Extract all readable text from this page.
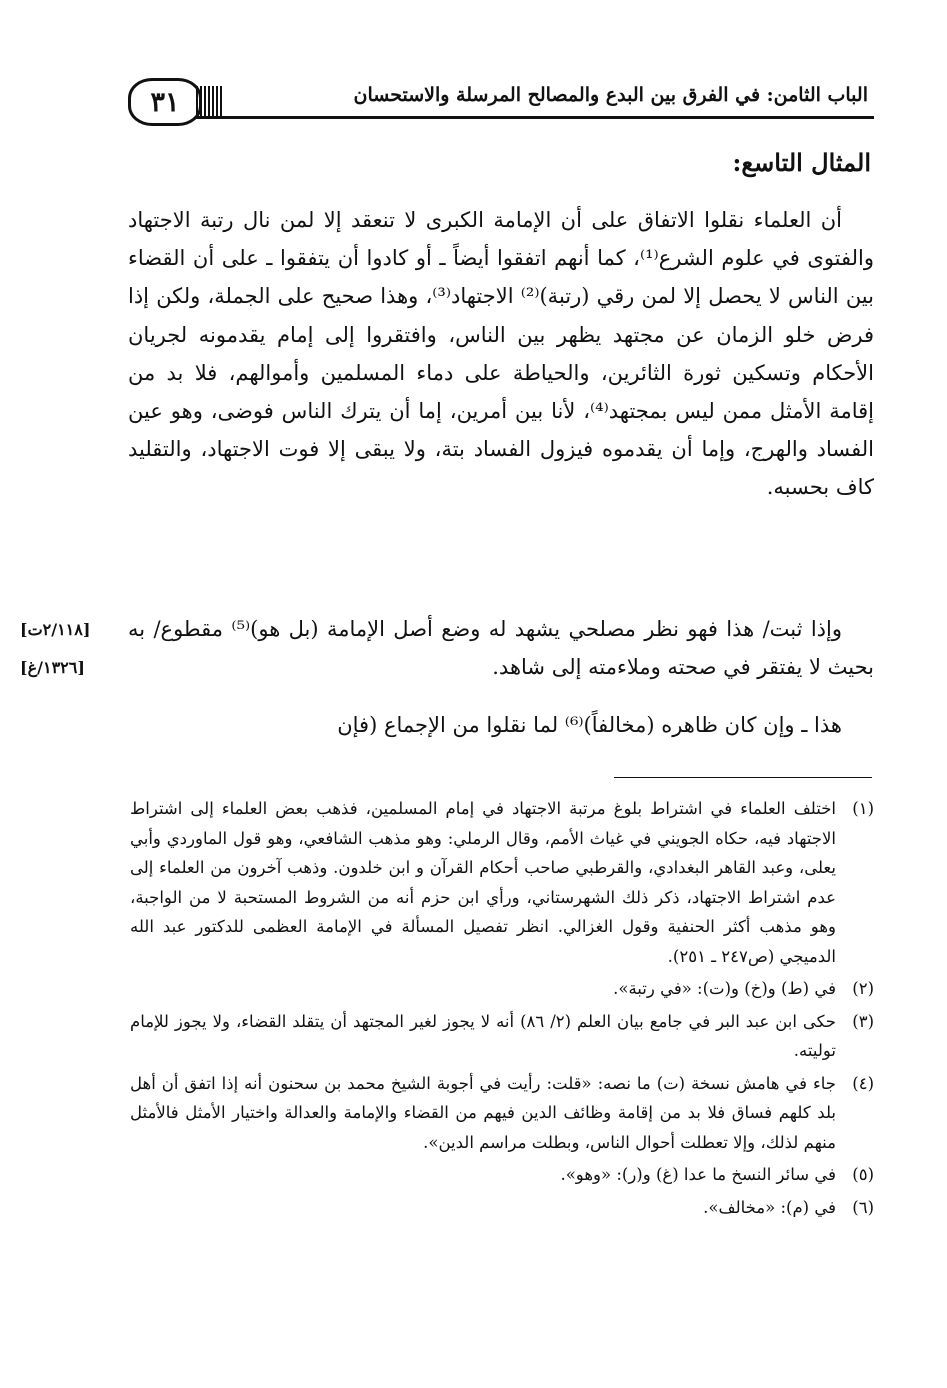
الباب الثامن: في الفرق بين البدع والمصالح المرسلة والاستحسان
٣١
المثال التاسع:

أن العلماء نقلوا الاتفاق على أن الإمامة الكبرى لا تنعقد إلا لمن نال رتبة الاجتهاد والفتوى في علوم الشرع⁽¹⁾، كما أنهم اتفقوا أيضاً ـ أو كادوا أن يتفقوا ـ على أن القضاء بين الناس لا يحصل إلا لمن رقي (رتبة)⁽²⁾ الاجتهاد⁽³⁾، وهذا صحيح على الجملة، ولكن إذا فرض خلو الزمان عن مجتهد يظهر بين الناس، وافتقروا إلى إمام يقدمونه لجريان الأحكام وتسكين ثورة الثائرين، والحياطة على دماء المسلمين وأموالهم، فلا بد من إقامة الأمثل ممن ليس بمجتهد⁽⁴⁾، لأنا بين أمرين، إما أن يترك الناس فوضى، وهو عين الفساد والهرج، وإما أن يقدموه فيزول الفساد بتة، ولا يبقى إلا فوت الاجتهاد، والتقليد كاف بحسبه.

وإذا ثبت/ هذا فهو نظر مصلحي يشهد له وضع أصل الإمامة (بل هو)⁽⁵⁾ مقطوع/ به بحيث لا يفتقر في صحته وملاءمته إلى شاهد.

هذا ـ وإن كان ظاهره (مخالفاً)⁽⁶⁾ لما نقلوا من الإجماع (فإن

[٢/١١٨ت]
[١٣٢٦/غ]
(١)
اختلف العلماء في اشتراط بلوغ مرتبة الاجتهاد في إمام المسلمين، فذهب بعض العلماء إلى اشتراط الاجتهاد فيه، حكاه الجويني في غياث الأمم، وقال الرملي: وهو مذهب الشافعي، وهو قول الماوردي وأبي يعلى، وعبد القاهر البغدادي، والقرطبي صاحب أحكام القرآن و ابن خلدون. وذهب آخرون من العلماء إلى عدم اشتراط الاجتهاد، ذكر ذلك الشهرستاني، ورأي ابن حزم أنه من الشروط المستحبة لا من الواجبة، وهو مذهب أكثر الحنفية وقول الغزالي. انظر تفصيل المسألة في الإمامة العظمى للدكتور عبد الله الدميجي (ص٢٤٧ ـ ٢٥١).
(٢)
في (ط) و(خ) و(ت): «في رتبة».
(٣)
حكى ابن عبد البر في جامع بيان العلم (٢/ ٨٦) أنه لا يجوز لغير المجتهد أن يتقلد القضاء، ولا يجوز للإمام توليته.
(٤)
جاء في هامش نسخة (ت) ما نصه: «قلت: رأيت في أجوبة الشيخ محمد بن سحنون أنه إذا اتفق أن أهل بلد كلهم فساق فلا بد من إقامة وظائف الدين فيهم من القضاء والإمامة والعدالة واختيار الأمثل فالأمثل منهم لذلك، وإلا تعطلت أحوال الناس، وبطلت مراسم الدين».
(٥)
في سائر النسخ ما عدا (غ) و(ر): «وهو».
(٦)
في (م): «مخالف».
